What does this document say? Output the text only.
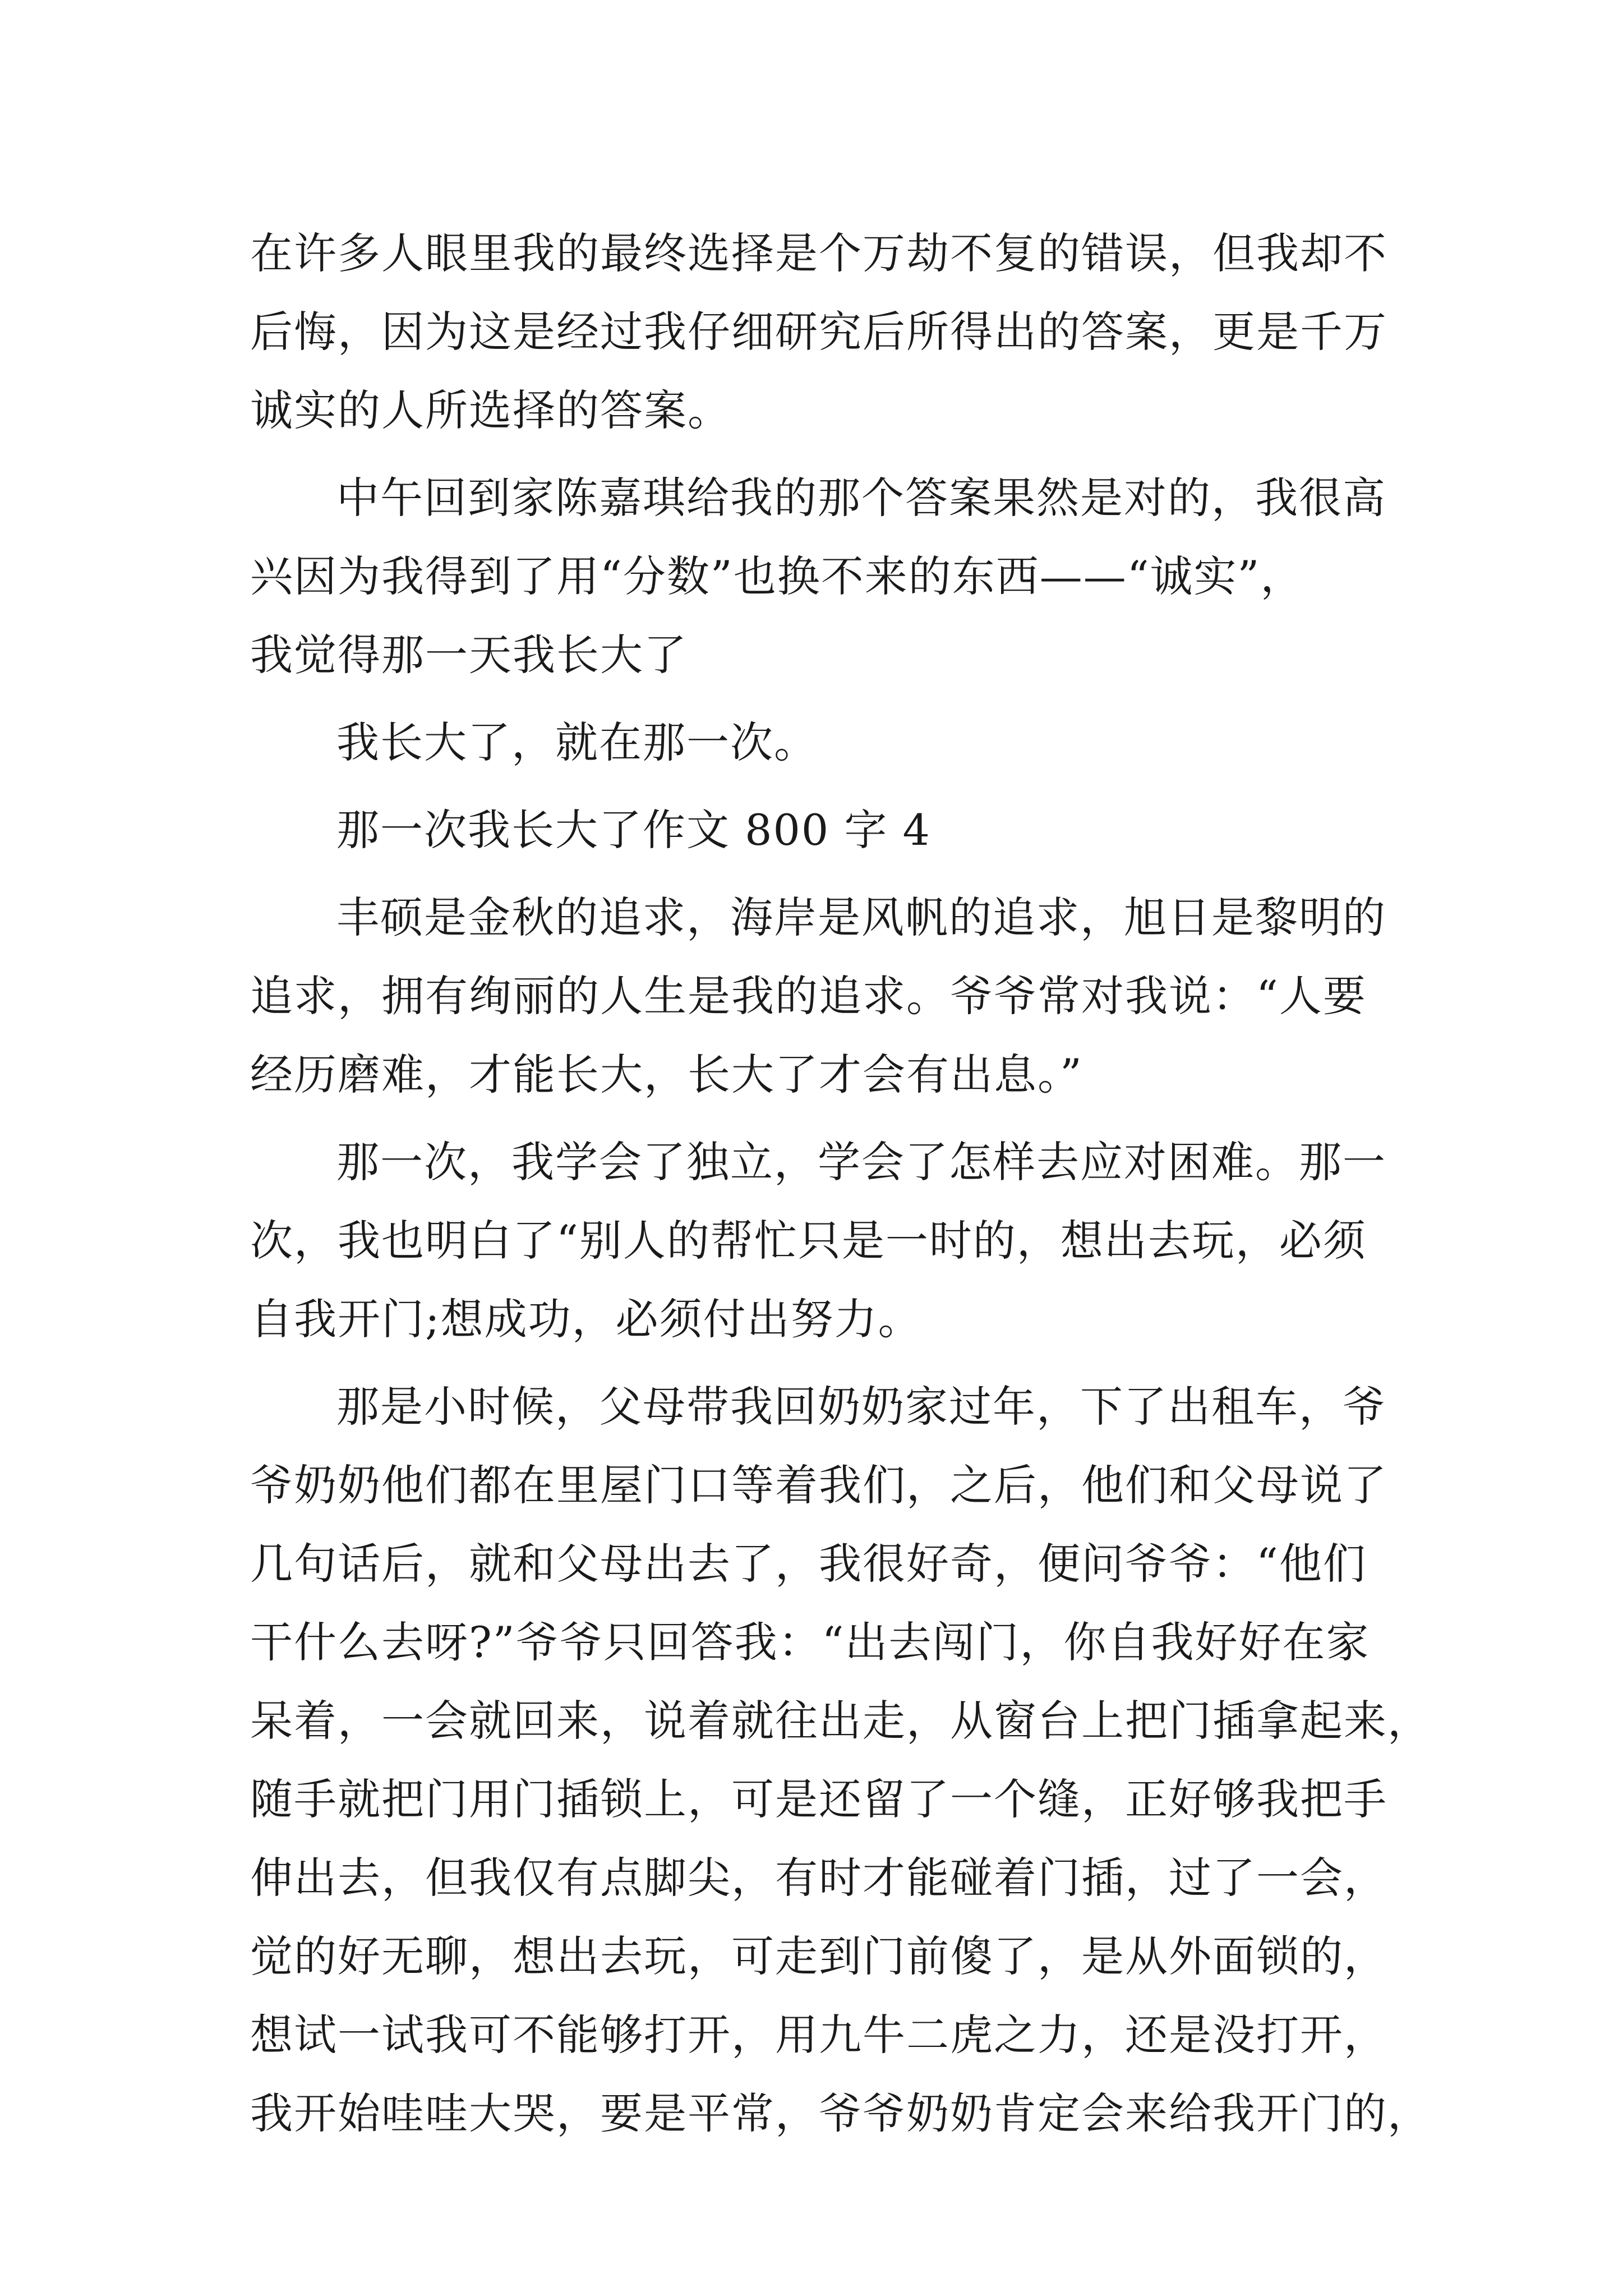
在许多人眼里我的最终选择是个万劫不复的错误，但我却不
后悔，因为这是经过我仔细研究后所得出的答案，更是千万
诚实的人所选择的答案。
中午回到家陈嘉琪给我的那个答案果然是对的，我很高
兴因为我得到了用“分数”也换不来的东西——“诚实”，
我觉得那一天我长大了
我长大了，就在那一次。
那一次我长大了作文 800 字 4
丰硕是金秋的追求，海岸是风帆的追求，旭日是黎明的
追求，拥有绚丽的人生是我的追求。爷爷常对我说：“人要
经历磨难，才能长大，长大了才会有出息。”
那一次，我学会了独立，学会了怎样去应对困难。那一
次，我也明白了“别人的帮忙只是一时的，想出去玩，必须
自我开门;想成功，必须付出努力。
那是小时候，父母带我回奶奶家过年，下了出租车，爷
爷奶奶他们都在里屋门口等着我们，之后，他们和父母说了
几句话后，就和父母出去了，我很好奇，便问爷爷：“他们
干什么去呀?”爷爷只回答我：“出去闯门，你自我好好在家
呆着，一会就回来，说着就往出走，从窗台上把门插拿起来，
随手就把门用门插锁上，可是还留了一个缝，正好够我把手
伸出去，但我仅有点脚尖，有时才能碰着门插，过了一会，
觉的好无聊，想出去玩，可走到门前傻了，是从外面锁的，
想试一试我可不能够打开，用九牛二虎之力，还是没打开，
我开始哇哇大哭，要是平常，爷爷奶奶肯定会来给我开门的，
